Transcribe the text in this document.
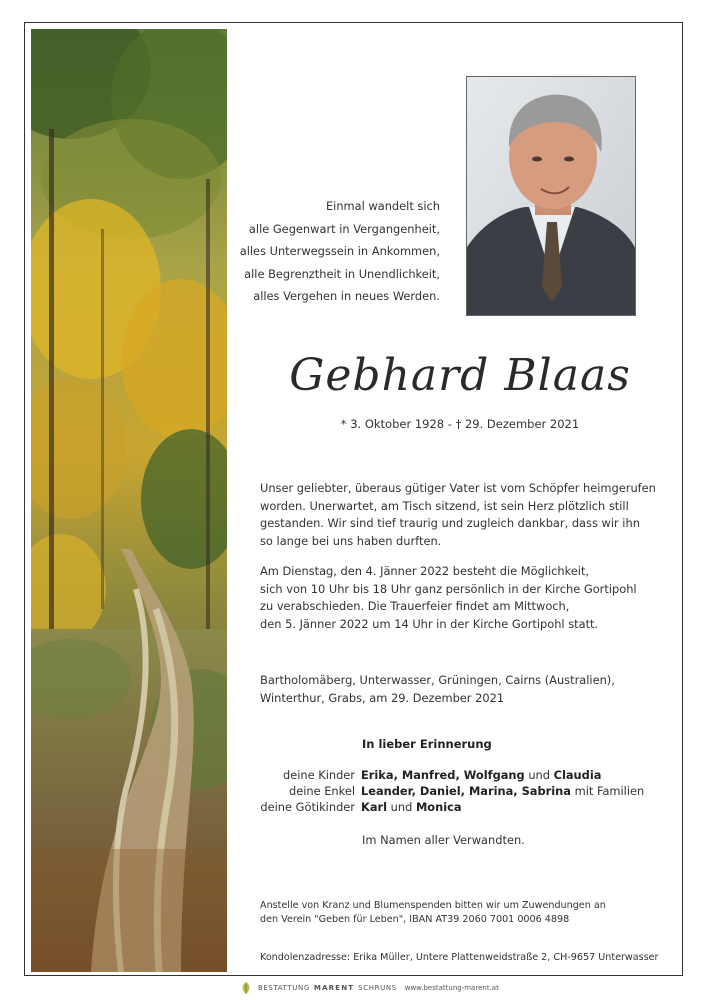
Einmal wandelt sich
alle Gegenwart in Vergangenheit,
alles Unterwegssein in Ankommen,
alle Begrenztheit in Unendlichkeit,
alles Vergehen in neues Werden.
Gebhard Blaas
* 3. Oktober 1928 - † 29. Dezember 2021
Unser geliebter, überaus gütiger Vater ist vom Schöpfer heimgerufen
worden. Unerwartet, am Tisch sitzend, ist sein Herz plötzlich still
gestanden. Wir sind tief traurig und zugleich dankbar, dass wir ihn
so lange bei uns haben durften.
Am Dienstag, den 4. Jänner 2022 besteht die Möglichkeit,
sich von 10 Uhr bis 18 Uhr ganz persönlich in der Kirche Gortipohl
zu verabschieden. Die Trauerfeier findet am Mittwoch,
den 5. Jänner 2022 um 14 Uhr in der Kirche Gortipohl statt.
Bartholomäberg, Unterwasser, Grüningen, Cairns (Australien),
Winterthur, Grabs, am 29. Dezember 2021
In lieber Erinnerung
deine Kinder Erika, Manfred, Wolfgang und Claudia
deine Enkel Leander, Daniel, Marina, Sabrina mit Familien
deine Götikinder Karl und Monica
Im Namen aller Verwandten.
Anstelle von Kranz und Blumenspenden bitten wir um Zuwendungen an
den Verein "Geben für Leben", IBAN AT39 2060 7001 0006 4898
Kondolenzadresse: Erika Müller, Untere Plattenweidstraße 2, CH-9657 Unterwasser
BESTATTUNG MARENT SCHRUNS www.bestattung-marent.at
